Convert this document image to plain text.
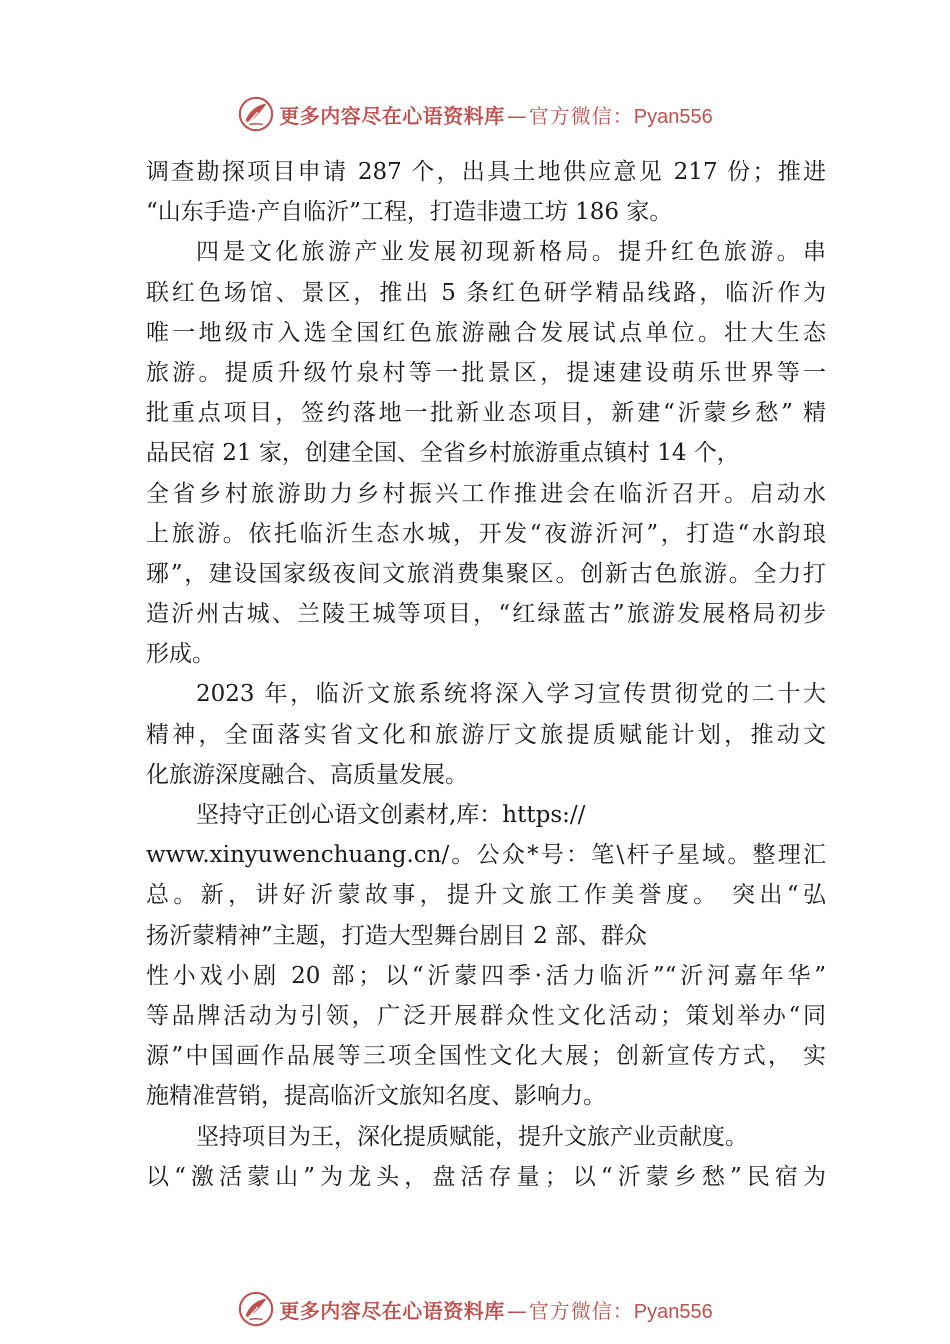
更多内容尽在心语资料库 — 官方微信： Pyan556
调查勘探项目申请 287 个，出具土地供应意见 217 份；推进
“山东手造·产自临沂”工程，打造非遗工坊 186 家。
四是文化旅游产业发展初现新格局。提升红色旅游。串
联红色场馆、景区，推出 5 条红色研学精品线路，临沂作为
唯一地级市入选全国红色旅游融合发展试点单位。壮大生态
旅游。提质升级竹泉村等一批景区，提速建设萌乐世界等一
批重点项目，签约落地一批新业态项目，新建“沂蒙乡愁” 精
品民宿 21 家，创建全国、全省乡村旅游重点镇村 14 个，
全省乡村旅游助力乡村振兴工作推进会在临沂召开。启动水
上旅游。依托临沂生态水城，开发“夜游沂河”，打造“水韵琅
琊”，建设国家级夜间文旅消费集聚区。创新古色旅游。全力打
造沂州古城、兰陵王城等项目，“红绿蓝古”旅游发展格局初步
形成。
2023 年，临沂文旅系统将深入学习宣传贯彻党的二十大
精神，全面落实省文化和旅游厅文旅提质赋能计划，推动文
化旅游深度融合、高质量发展。
坚持守正创心语文创素材,库：https://
www.xinyuwenchuang.cn/。公众*号：笔\杆子星域。整理汇
总。新，讲好沂蒙故事，提升文旅工作美誉度。 突出“弘
扬沂蒙精神”主题，打造大型舞台剧目 2 部、群众
性小戏小剧 20 部；以“沂蒙四季·活力临沂”“沂河嘉年华”
等品牌活动为引领，广泛开展群众性文化活动；策划举办“同
源”中国画作品展等三项全国性文化大展；创新宣传方式， 实
施精准营销，提高临沂文旅知名度、影响力。
坚持项目为王，深化提质赋能，提升文旅产业贡献度。
以“激活蒙山”为龙头，盘活存量；以“沂蒙乡愁”民宿为
更多内容尽在心语资料库 — 官方微信： Pyan556
